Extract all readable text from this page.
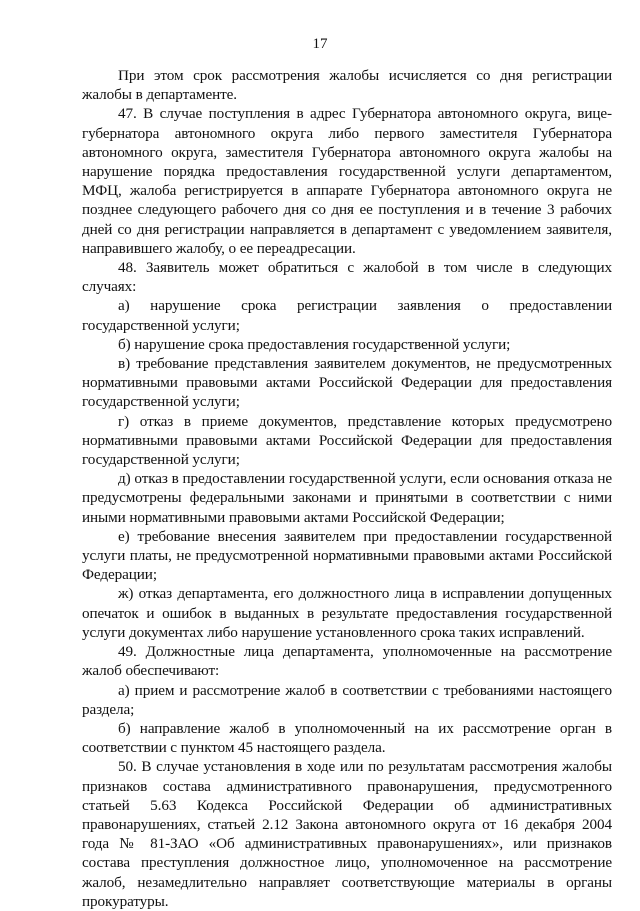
17

При этом срок рассмотрения жалобы исчисляется со дня регистрации жалобы в департаменте.

47. В случае поступления в адрес Губернатора автономного округа, вице-губернатора автономного округа либо первого заместителя Губернатора автономного округа, заместителя Губернатора автономного округа жалобы на нарушение порядка предоставления государственной услуги департаментом, МФЦ, жалоба регистрируется в аппарате Губернатора автономного округа не позднее следующего рабочего дня со дня ее поступления и в течение 3 рабочих дней со дня регистрации направляется в департамент с уведомлением заявителя, направившего жалобу, о ее переадресации.

48. Заявитель может обратиться с жалобой в том числе в следующих случаях:

а) нарушение срока регистрации заявления о предоставлении государственной услуги;

б) нарушение срока предоставления государственной услуги;

в) требование представления заявителем документов, не предусмотренных нормативными правовыми актами Российской Федерации для предоставления государственной услуги;

г) отказ в приеме документов, представление которых предусмотрено нормативными правовыми актами Российской Федерации для предоставления государственной услуги;

д) отказ в предоставлении государственной услуги, если основания отказа не предусмотрены федеральными законами и принятыми в соответствии с ними иными нормативными правовыми актами Российской Федерации;

е) требование внесения заявителем при предоставлении государственной услуги платы, не предусмотренной нормативными правовыми актами Российской Федерации;

ж) отказ департамента, его должностного лица в исправлении допущенных опечаток и ошибок в выданных в результате предоставления государственной услуги документах либо нарушение установленного срока таких исправлений.

49. Должностные лица департамента, уполномоченные на рассмотрение жалоб обеспечивают:

а) прием и рассмотрение жалоб в соответствии с требованиями настоящего раздела;

б) направление жалоб в уполномоченный на их рассмотрение орган в соответствии с пунктом 45 настоящего раздела.

50. В случае установления в ходе или по результатам рассмотрения жалобы признаков состава административного правонарушения, предусмотренного статьей 5.63 Кодекса Российской Федерации об административных правонарушениях, статьей 2.12 Закона автономного округа от 16 декабря 2004 года № 81-ЗАО «Об административных правонарушениях», или признаков состава преступления должностное лицо, уполномоченное на рассмотрение жалоб, незамедлительно направляет соответствующие материалы в органы прокуратуры.
